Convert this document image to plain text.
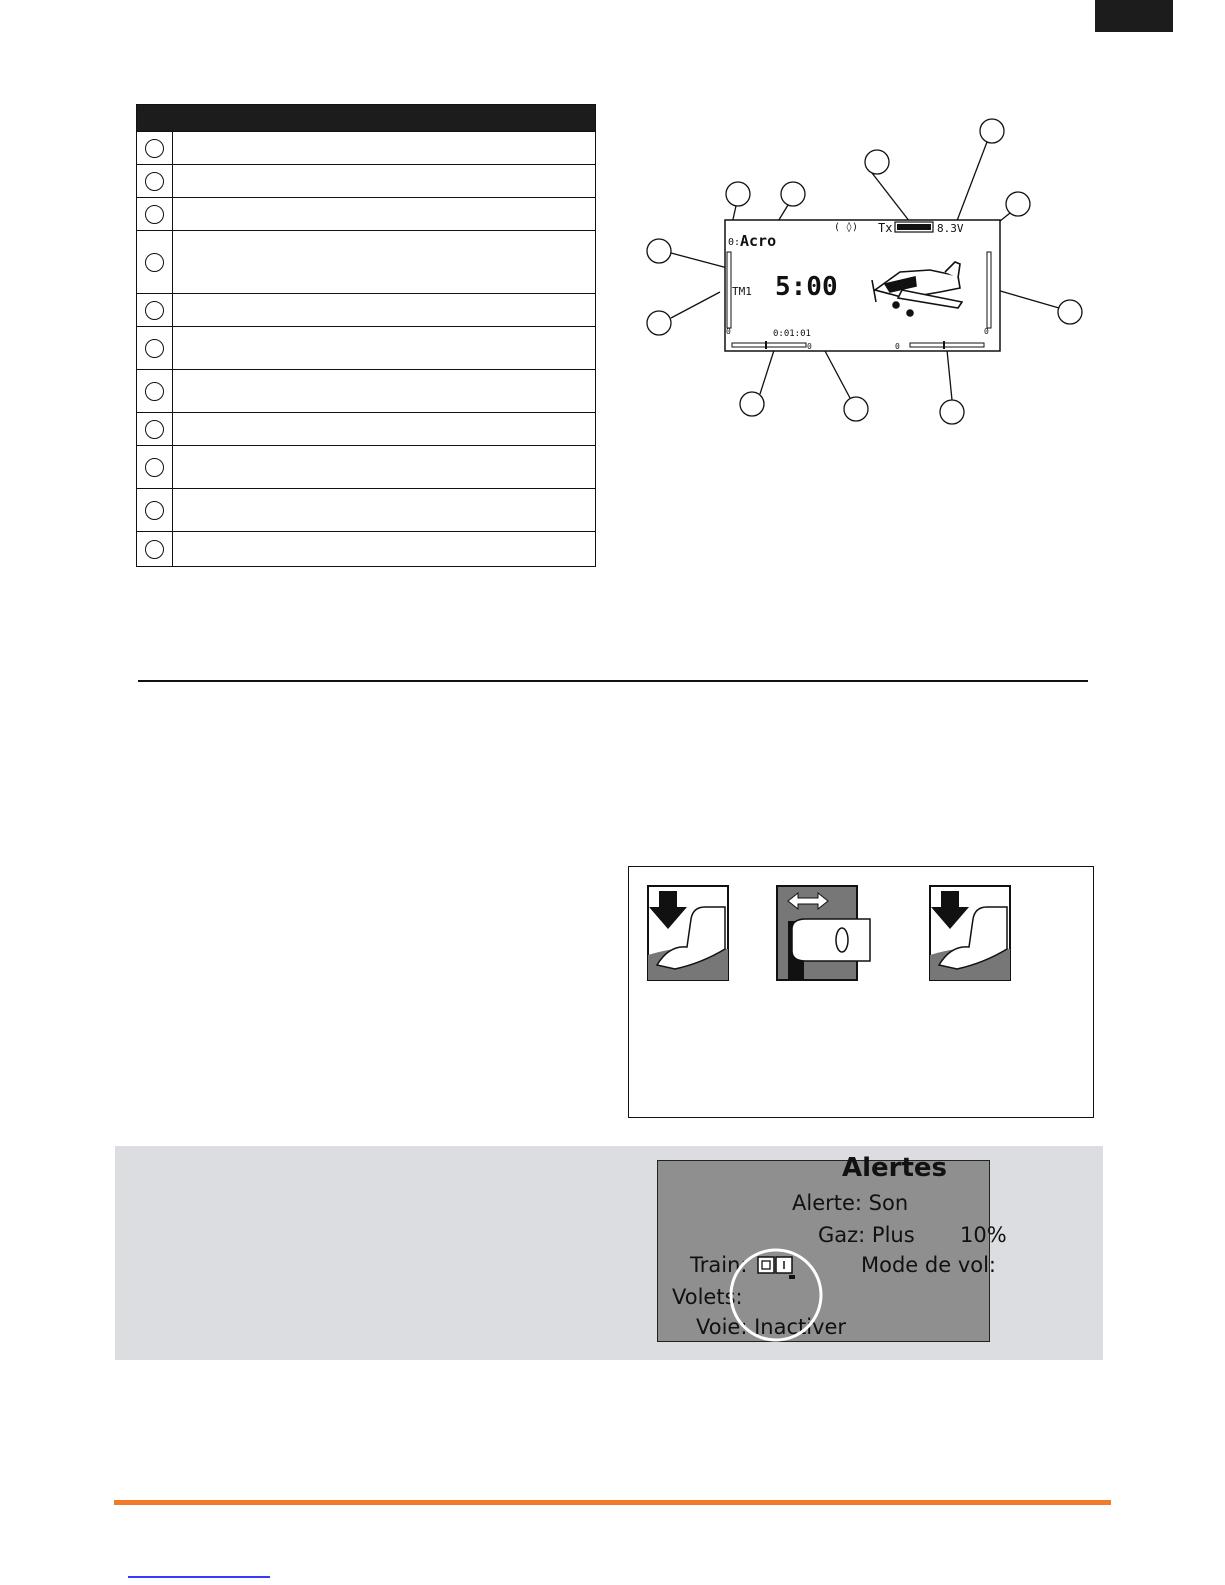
0: Acro
5:00
TM1
Tx	8.3V
( ◊)
0:01:01
0
0	0
0
Alertes
Alerte: Son
Gaz: Plus 10%
Train:	Mode de vol:
Volets:
Voie: Inactiver
